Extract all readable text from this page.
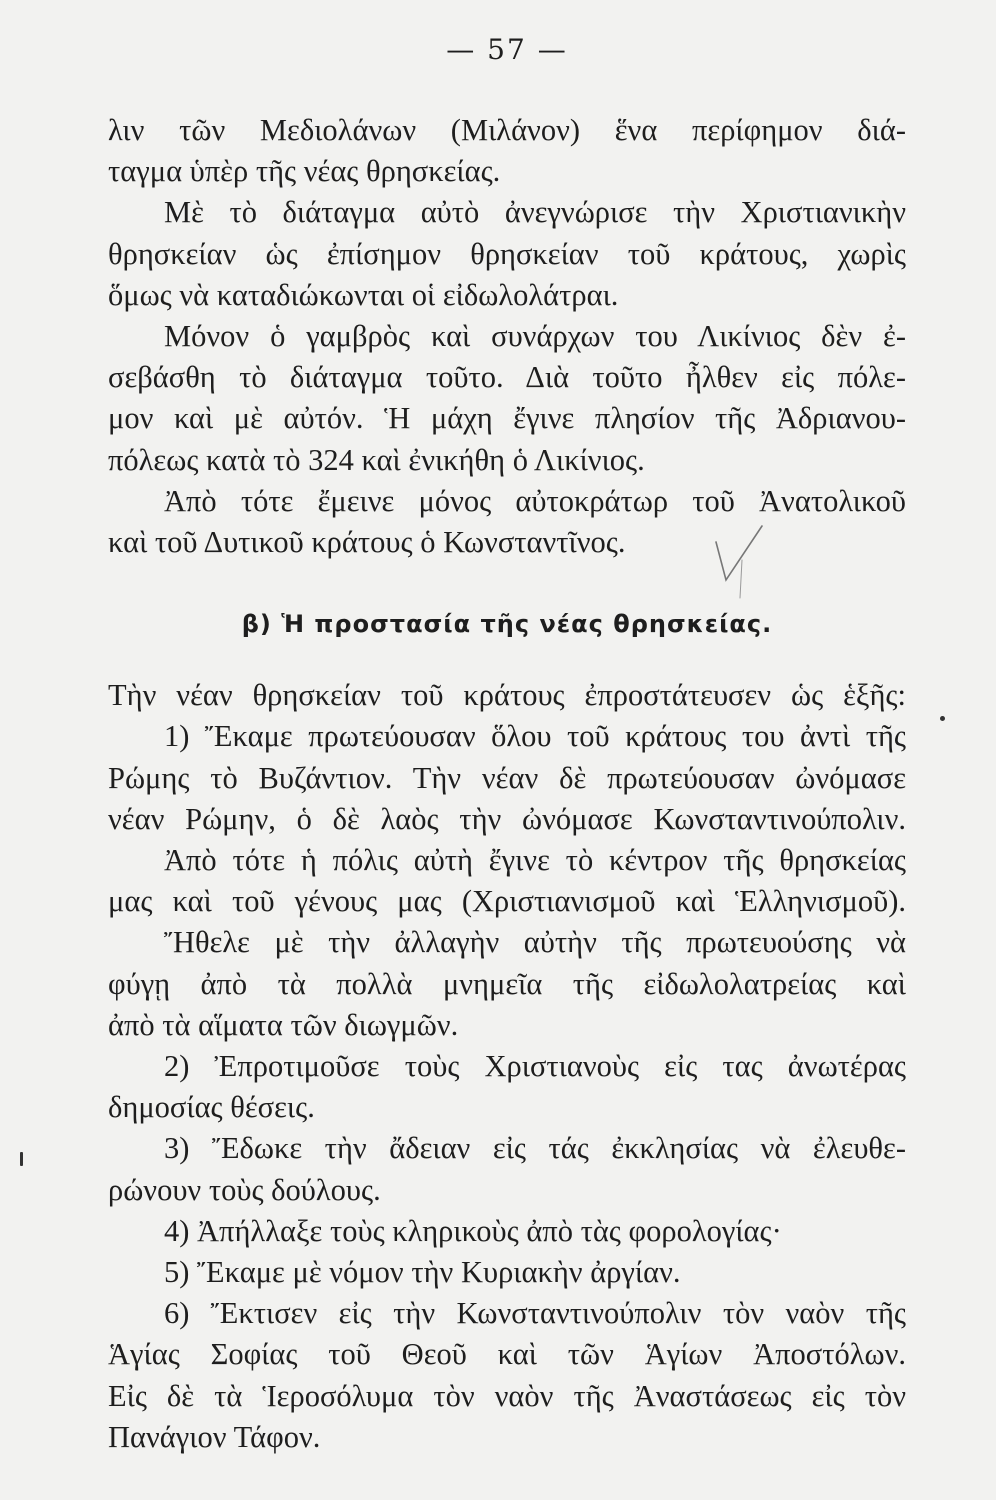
— 57 —
λιν τῶν Μεδιολάνων (Μιλάνον) ἕνα περίφημον διά-
ταγμα ὑπὲρ τῆς νέας θρησκείας.
Μὲ τὸ διάταγμα αὐτὸ ἀνεγνώρισε τὴν Χριστιανικὴν
θρησκείαν ὡς ἐπίσημον θρησκείαν τοῦ κράτους, χωρὶς
ὅμως νὰ καταδιώκωνται οἱ εἰδωλολάτραι.
Μόνον ὁ γαμβρὸς καὶ συνάρχων του Λικίνιος δὲν ἐ-
σεβάσθη τὸ διάταγμα τοῦτο. Διὰ τοῦτο ἦλθεν εἰς πόλε-
μον καὶ μὲ αὐτόν. Ἡ μάχη ἔγινε πλησίον τῆς Ἀδριανου-
πόλεως κατὰ τὸ 324 καὶ ἐνικήθη ὁ Λικίνιος.
Ἀπὸ τότε ἔμεινε μόνος αὐτοκράτωρ τοῦ Ἀνατολικοῦ
καὶ τοῦ Δυτικοῦ κράτους ὁ Κωνσταντῖνος.
β) Ἡ προστασία τῆς νέας θρησκείας.
Τὴν νέαν θρησκείαν τοῦ κράτους ἐπροστάτευσεν ὡς ἑξῆς:
1) Ἔκαμε πρωτεύουσαν ὅλου τοῦ κράτους του ἀντὶ τῆς
Ρώμης τὸ Βυζάντιον. Τὴν νέαν δὲ πρωτεύουσαν ὠνόμασε
νέαν Ρώμην, ὁ δὲ λαὸς τὴν ὠνόμασε Κωνσταντινούπολιν.
Ἀπὸ τότε ἡ πόλις αὐτὴ ἔγινε τὸ κέντρον τῆς θρησκείας
μας καὶ τοῦ γένους μας (Χριστιανισμοῦ καὶ Ἑλληνισμοῦ).
Ἤθελε μὲ τὴν ἀλλαγὴν αὐτὴν τῆς πρωτευούσης νὰ
φύγῃ ἀπὸ τὰ πολλὰ μνημεῖα τῆς εἰδωλολατρείας καὶ
ἀπὸ τὰ αἵματα τῶν διωγμῶν.
2) Ἐπροτιμοῦσε τοὺς Χριστιανοὺς εἰς τας ἀνωτέρας
δημοσίας θέσεις.
3) Ἔδωκε τὴν ἄδειαν εἰς τάς ἐκκλησίας νὰ ἐλευθε-
ρώνουν τοὺς δούλους.
4) Ἀπήλλαξε τοὺς κληρικοὺς ἀπὸ τὰς φορολογίας·
5) Ἔκαμε μὲ νόμον τὴν Κυριακὴν ἀργίαν.
6) Ἔκτισεν εἰς τὴν Κωνσταντινούπολιν τὸν ναὸν τῆς
Ἁγίας Σοφίας τοῦ Θεοῦ καὶ τῶν Ἁγίων Ἀποστόλων.
Εἰς δὲ τὰ Ἱεροσόλυμα τὸν ναὸν τῆς Ἀναστάσεως εἰς τὸν
Πανάγιον Τάφον.
